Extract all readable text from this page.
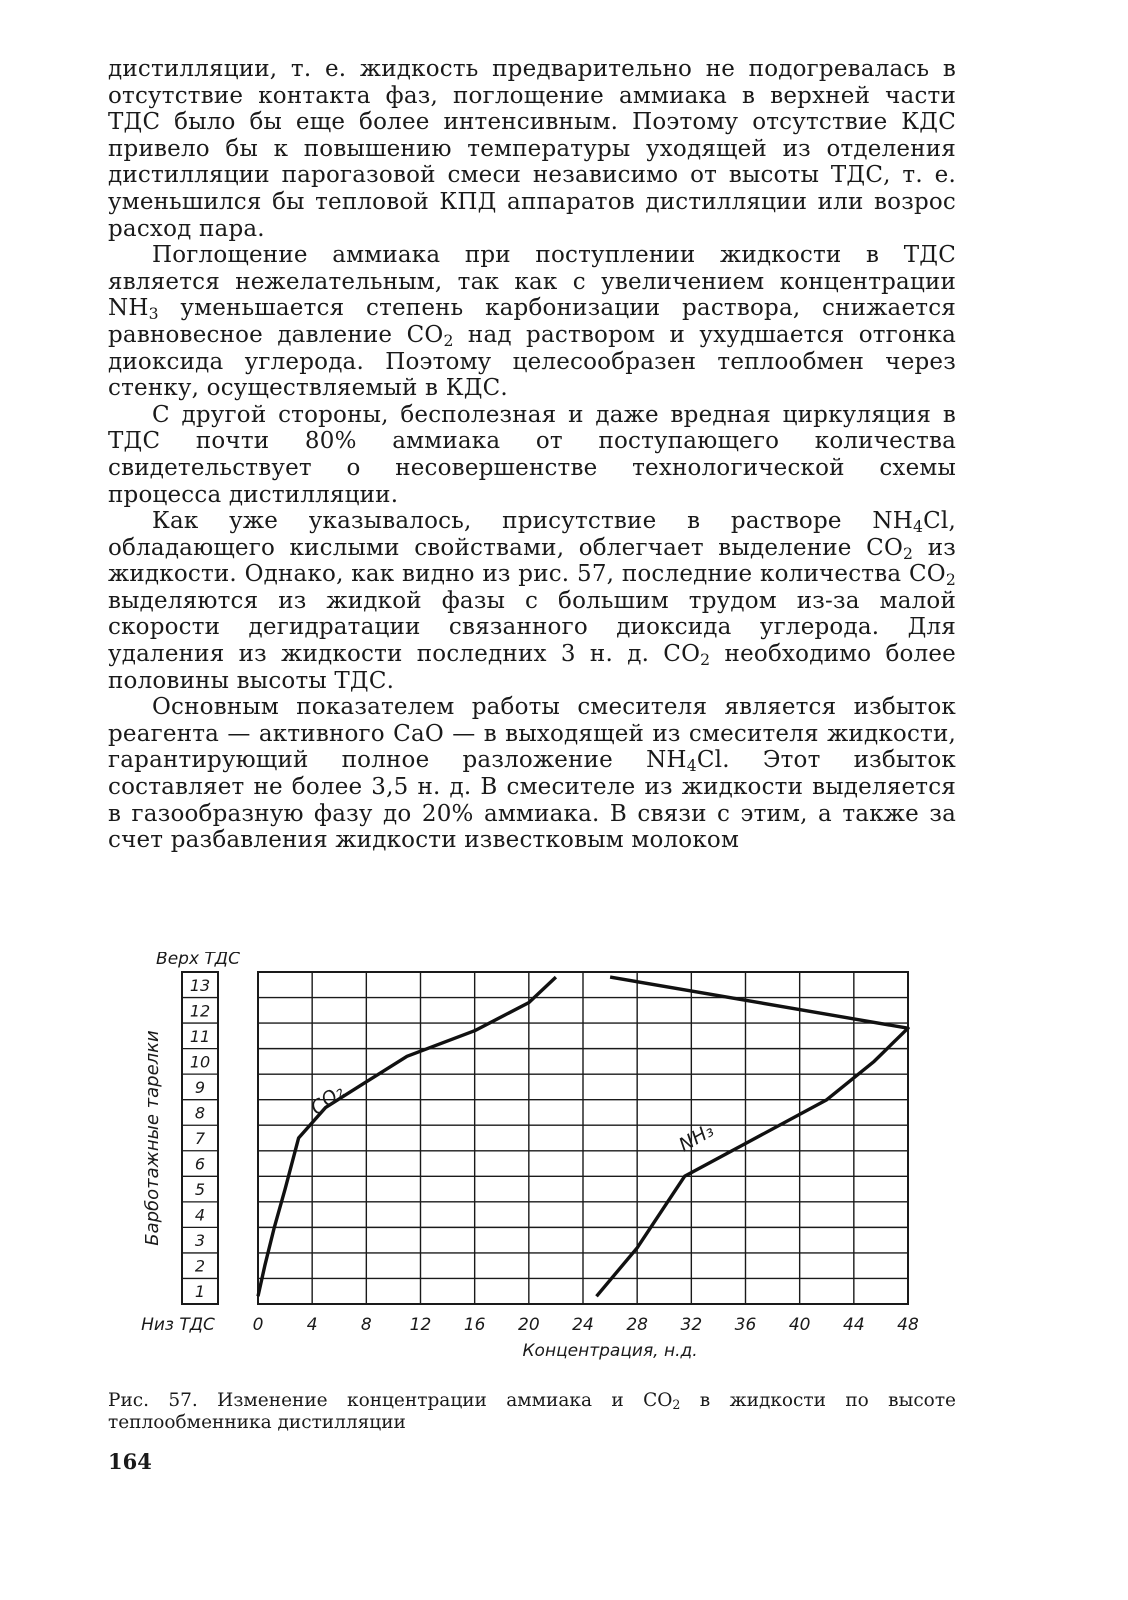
дистилляции, т. е. жидкость предварительно не подогревалась в отсутствие контакта фаз, поглощение аммиака в верхней части ТДС было бы еще более интенсивным. Поэтому отсутствие КДС привело бы к повышению температуры уходящей из отделения дистилляции парогазовой смеси независимо от высоты ТДС, т. е. уменьшился бы тепловой КПД аппаратов дистилляции или возрос расход пара.

Поглощение аммиака при поступлении жидкости в ТДС является нежелательным, так как с увеличением концентрации $NH_3$ уменьшается степень карбонизации раствора, снижается равновесное давление $CO_2$ над раствором и ухудшается отгонка диоксида углерода. Поэтому целесообразен теплообмен через стенку, осуществляемый в КДС.

С другой стороны, бесполезная и даже вредная циркуляция в ТДС почти 80% аммиака от поступающего количества свидетельствует о несовершенстве технологической схемы процесса дистилляции.

Как уже указывалось, присутствие в растворе $NH_4Cl$, обладающего кислыми свойствами, облегчает выделение $CO_2$ из жидкости. Однако, как видно из рис. 57, последние количества $CO_2$ выделяются из жидкой фазы с большим трудом из-за малой скорости дегидратации связанного диоксида углерода. Для удаления из жидкости последних 3 н. д. $CO_2$ необходимо более половины высоты ТДС.

Основным показателем работы смесителя является избыток реагента — активного CaO — в выходящей из смесителя жидкости, гарантирующий полное разложение $NH_4Cl$. Этот избыток составляет не более 3,5 н. д. В смесителе из жидкости выделяется в газообразную фазу до 20% аммиака. В связи с этим, а также за счет разбавления жидкости известковым молоком

1
2
3
4
5
6
7
8
9
10
11
12
13
0	4	8 12 16 20 24 28 32 36 40 44 48
CO₂
NH₃
Верх ТДС
Низ ТДС
Концентрация, н.д.
Барботажные тарелки

Рис. 57. Изменение концентрации аммиака и $CO_2$ в жидкости по высоте теплообменника дистилляции

164
